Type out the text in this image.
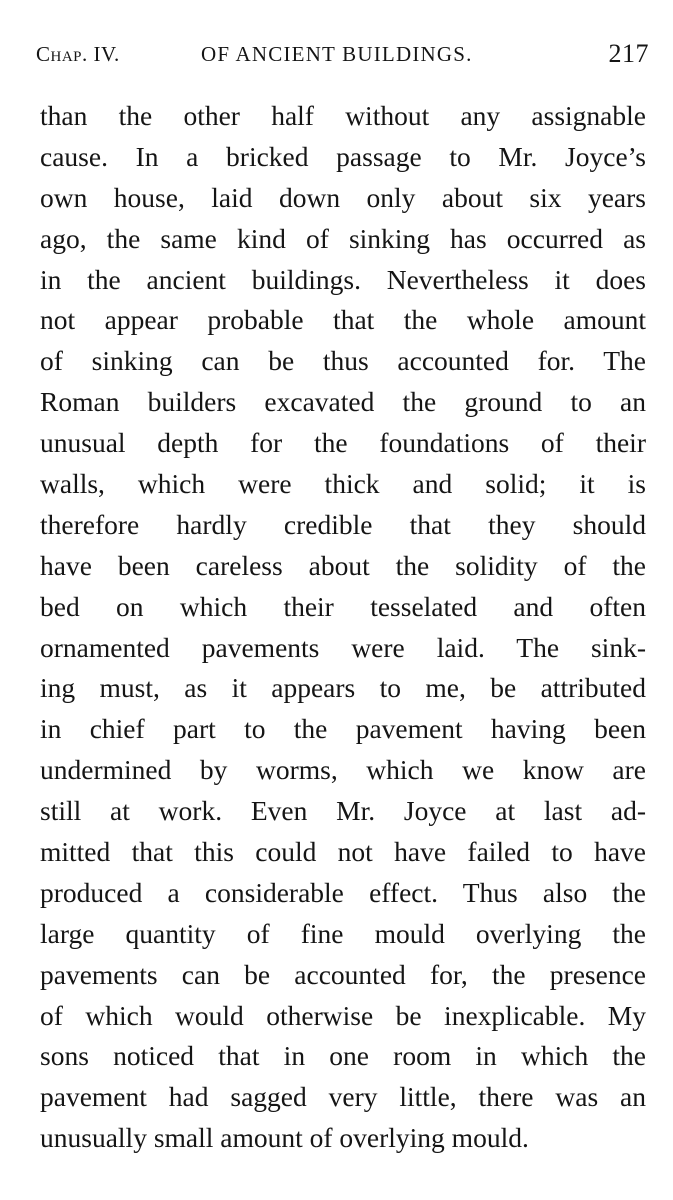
Chap. IV.	OF ANCIENT BUILDINGS.	217
than the other half without any assignable
cause. In a bricked passage to Mr. Joyce’s
own house, laid down only about six years
ago, the same kind of sinking has occurred as
in the ancient buildings. Nevertheless it does
not appear probable that the whole amount
of sinking can be thus accounted for. The
Roman builders excavated the ground to an
unusual depth for the foundations of their
walls, which were thick and solid; it is
therefore hardly credible that they should
have been careless about the solidity of the
bed on which their tesselated and often
ornamented pavements were laid. The sink-
ing must, as it appears to me, be attributed
in chief part to the pavement having been
undermined by worms, which we know are
still at work. Even Mr. Joyce at last ad-
mitted that this could not have failed to have
produced a considerable effect. Thus also the
large quantity of fine mould overlying the
pavements can be accounted for, the presence
of which would otherwise be inexplicable. My
sons noticed that in one room in which the
pavement had sagged very little, there was an
unusually small amount of overlying mould.
